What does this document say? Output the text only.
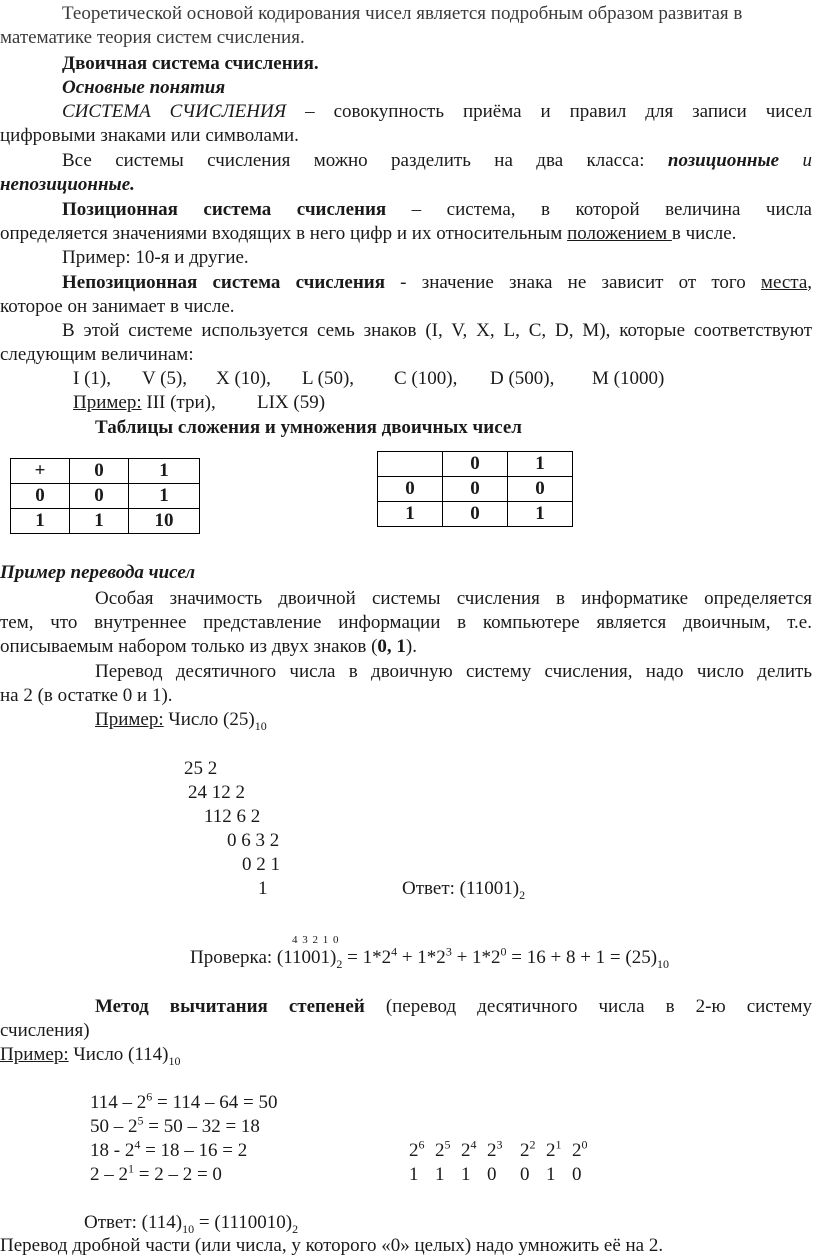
Теоретической основой кодирования чисел является подробным образом развитая в
математике теория систем счисления.
Двоичная система счисления.
Основные понятия
СИСТЕМА СЧИСЛЕНИЯ – совокупность приёма и правил для записи чисел
цифровыми знаками или символами.
Все системы счисления можно разделить на два класса: позиционные и
непозиционные.
Позиционная система счисления – система, в которой величина числа
определяется значениями входящих в него цифр и их относительным положением в числе.
Пример: 10-я и другие.
Непозиционная система счисления - значение знака не зависит от того места,
которое он занимает в числе.
В этой системе используется семь знаков (I, V, X, L, C, D, M), которые соответствуют
следующим величинам:
I (1), V (5), X (10), L (50), C (100), D (500), M (1000)
Пример: III (три), LIX (59)
Таблицы сложения и умножения двоичных чисел
+	0	1
0	0	1
1	1	10
	0	1
0	0	0
1	0	1
Пример перевода чисел
Особая значимость двоичной системы счисления в информатике определяется
тем, что внутреннее представление информации в компьютере является двоичным, т.е.
описываемым набором только из двух знаков (0, 1).
Перевод десятичного числа в двоичную систему счисления, надо число делить
на 2 (в остатке 0 и 1).
Пример: Число $(25)_{10}$
25 2
24 12 2
112 6 2
0 6 3 2
0 2 1
1	Ответ: $(11001)_2$
4 3 2 1 0
Проверка: $(11001)_2 = 1*2^4 + 1*2^3 + 1*2^0 = 16 + 8 + 1 = (25)_{10}$
Метод вычитания степеней (перевод десятичного числа в 2-ю систему
счисления)
Пример: Число $(114)_{10}$
$114 - 2^6 = 114 - 64 = 50$
$50 - 2^5 = 50 - 32 = 18$
$18 - 2^4 = 18 - 16 = 2$
$2 - 2^1 = 2 - 2 = 0$
$2^6$ $2^5$ $2^4$ $2^3$ $2^2$ $2^1$ $2^0$
1 1 1 0 0 1 0
Ответ: $(114)_{10} = (1110010)_2$
Перевод дробной части (или числа, у которого «0» целых) надо умножить её на 2.
